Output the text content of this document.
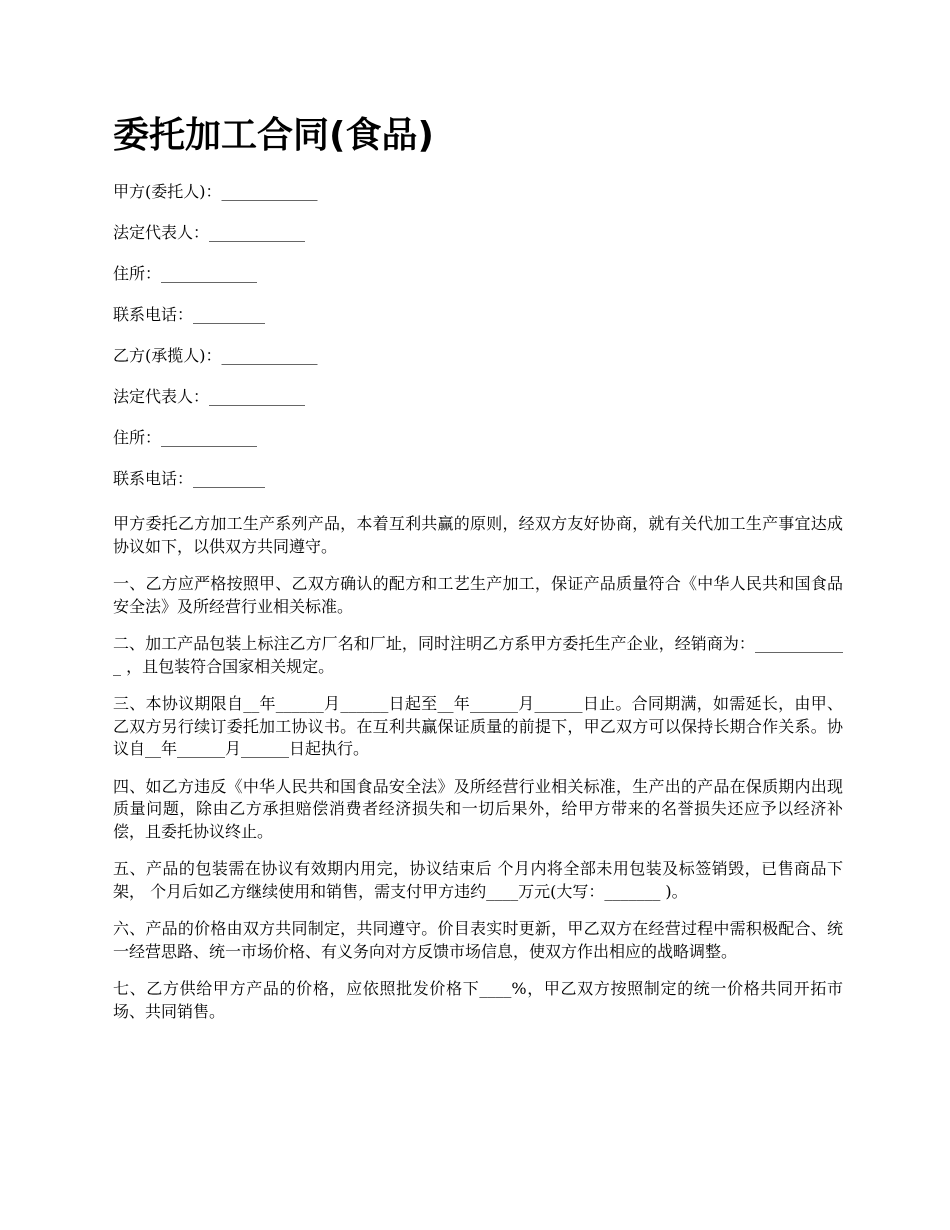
委托加工合同(食品)
甲方(委托人)：____________
法定代表人：____________
住所：____________
联系电话：_________
乙方(承揽人)：____________
法定代表人：____________
住所：____________
联系电话：_________

甲方委托乙方加工生产系列产品，本着互利共赢的原则，经双方友好协商，就有关代加工生产事宜达成协议如下，以供双方共同遵守。

一、乙方应严格按照甲、乙双方确认的配方和工艺生产加工，保证产品质量符合《中华人民共和国食品安全法》及所经营行业相关标准。

二、加工产品包装上标注乙方厂名和厂址，同时注明乙方系甲方委托生产企业，经销商为：____________ ，且包装符合国家相关规定。

三、本协议期限自__年______月______日起至__年______月______日止。合同期满，如需延长，由甲、乙双方另行续订委托加工协议书。在互利共赢保证质量的前提下，甲乙双方可以保持长期合作关系。协议自__年______月______日起执行。

四、如乙方违反《中华人民共和国食品安全法》及所经营行业相关标准，生产出的产品在保质期内出现质量问题，除由乙方承担赔偿消费者经济损失和一切后果外，给甲方带来的名誉损失还应予以经济补偿，且委托协议终止。

五、产品的包装需在协议有效期内用完，协议结束后 个月内将全部未用包装及标签销毁，已售商品下架， 个月后如乙方继续使用和销售，需支付甲方违约____万元(大写：_______ )。

六、产品的价格由双方共同制定，共同遵守。价目表实时更新，甲乙双方在经营过程中需积极配合、统一经营思路、统一市场价格、有义务向对方反馈市场信息，使双方作出相应的战略调整。

七、乙方供给甲方产品的价格，应依照批发价格下____%，甲乙双方按照制定的统一价格共同开拓市场、共同销售。
